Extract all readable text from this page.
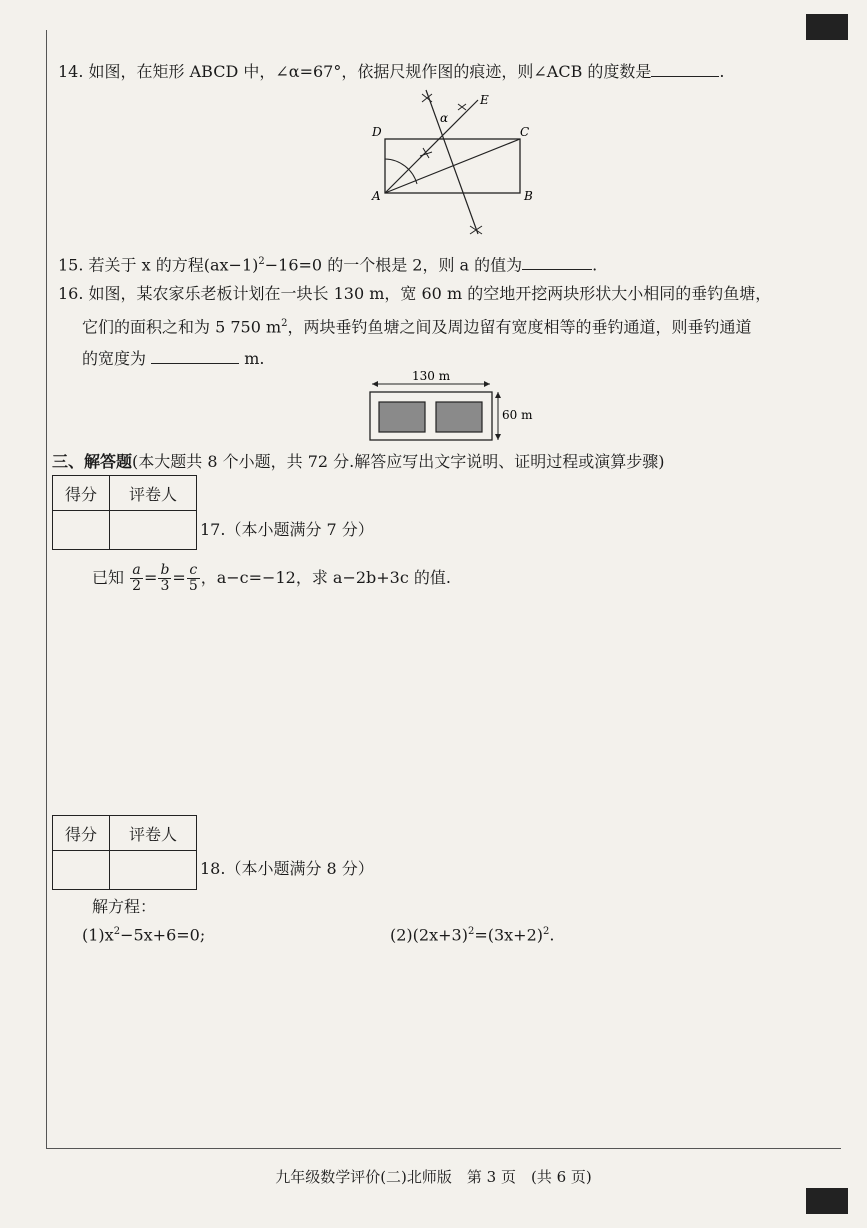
14. 如图，在矩形 ABCD 中，∠α=67°，依据尺规作图的痕迹，则∠ACB 的度数是	.
A	B
C
D
E
α
15. 若关于 x 的方程$(ax-1)^2-16=0$ 的一个根是 2，则 a 的值为	.
16. 如图，某农家乐老板计划在一块长 130 m，宽 60 m 的空地开挖两块形状大小相同的垂钓鱼塘，
它们的面积之和为 5 750 $m^2$，两块垂钓鱼塘之间及周边留有宽度相等的垂钓通道，则垂钓通道
的宽度为	m.
130 m
60 m
三、解答题(本大题共 8 个小题，共 72 分.解答应写出文字说明、证明过程或演算步骤)
得分	评卷人

17.（本小题满分 7 分）
已知 $\frac{a}{2} = \frac{b}{3} = \frac{c}{5}$ ，a−c=−12，求 a−2b+3c 的值.
得分	评卷人

18.（本小题满分 8 分）
解方程：
$(1)x^2-5x+6=0$;	$(2)(2x+3)^2=(3x+2)^2$.
九年级数学评价(二)北师版　第 3 页　(共 6 页)
